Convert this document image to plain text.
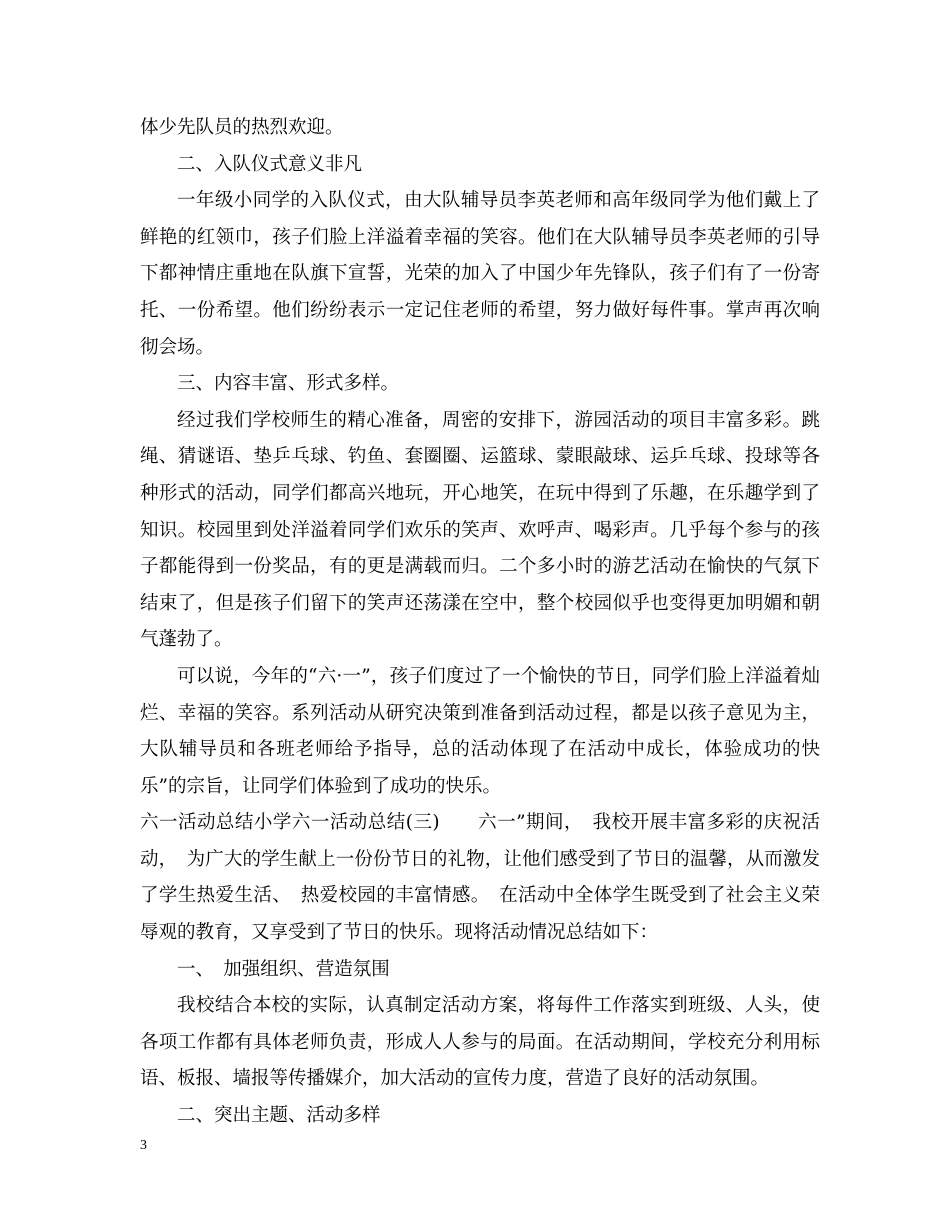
体少先队员的热烈欢迎。

二、入队仪式意义非凡

一年级小同学的入队仪式，由大队辅导员李英老师和高年级同学为他们戴上了鲜艳的红领巾，孩子们脸上洋溢着幸福的笑容。他们在大队辅导员李英老师的引导下都神情庄重地在队旗下宣誓，光荣的加入了中国少年先锋队，孩子们有了一份寄托、一份希望。他们纷纷表示一定记住老师的希望，努力做好每件事。掌声再次响彻会场。

三、内容丰富、形式多样。

经过我们学校师生的精心准备，周密的安排下，游园活动的项目丰富多彩。跳绳、猜谜语、垫乒乓球、钓鱼、套圈圈、运篮球、蒙眼敲球、运乒乓球、投球等各种形式的活动，同学们都高兴地玩，开心地笑，在玩中得到了乐趣，在乐趣学到了知识。校园里到处洋溢着同学们欢乐的笑声、欢呼声、喝彩声。几乎每个参与的孩子都能得到一份奖品，有的更是满载而归。二个多小时的游艺活动在愉快的气氛下结束了，但是孩子们留下的笑声还荡漾在空中，整个校园似乎也变得更加明媚和朝气蓬勃了。

可以说，今年的“六·一”，孩子们度过了一个愉快的节日，同学们脸上洋溢着灿烂、幸福的笑容。系列活动从研究决策到准备到活动过程，都是以孩子意见为主，大队辅导员和各班老师给予指导，总的活动体现了在活动中成长，体验成功的快乐”的宗旨，让同学们体验到了成功的快乐。

六一活动总结小学六一活动总结(三)　　六一”期间，　我校开展丰富多彩的庆祝活动，　为广大的学生献上一份份节日的礼物，让他们感受到了节日的温馨，从而激发了学生热爱生活、　热爱校园的丰富情感。　在活动中全体学生既受到了社会主义荣辱观的教育，又享受到了节日的快乐。现将活动情况总结如下：

一、　加强组织、营造氛围

我校结合本校的实际，认真制定活动方案，将每件工作落实到班级、人头，使各项工作都有具体老师负责，形成人人参与的局面。在活动期间，学校充分利用标语、板报、墙报等传播媒介，加大活动的宣传力度，营造了良好的活动氛围。

二、突出主题、活动多样

3
